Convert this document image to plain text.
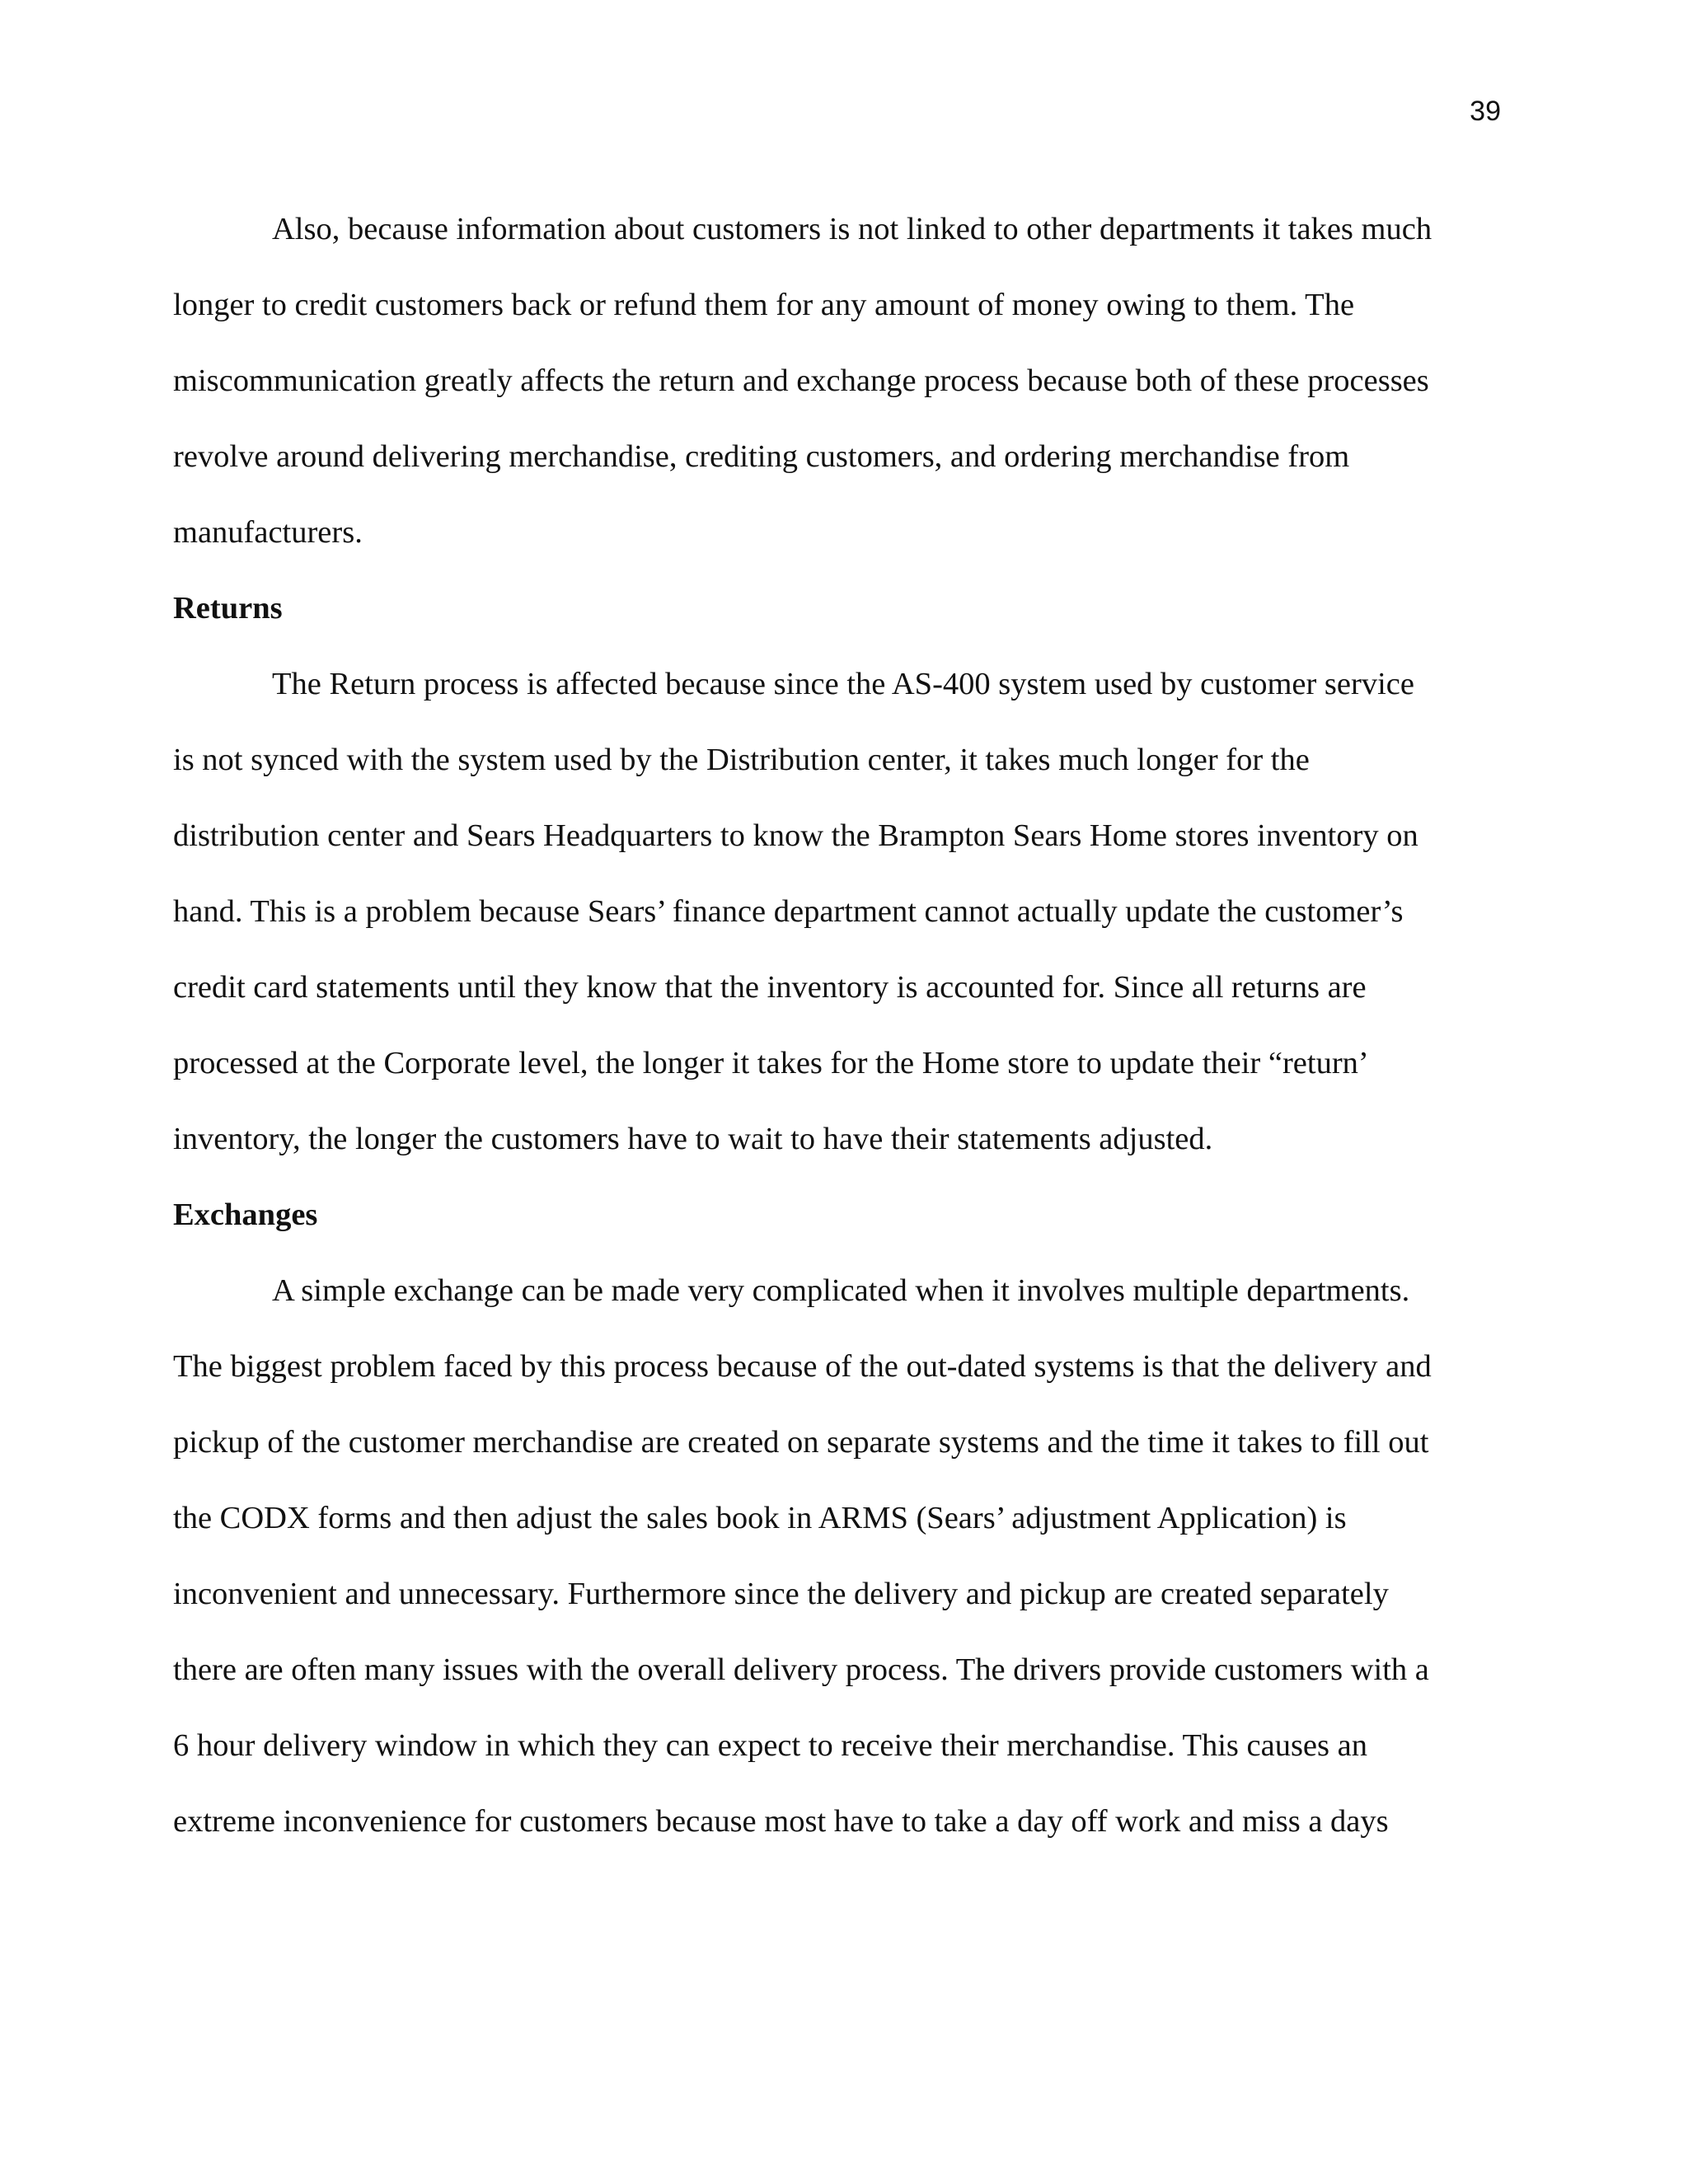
39
Also, because information about customers is not linked to other departments it takes much
longer to credit customers back or refund them for any amount of money owing to them. The
miscommunication greatly affects the return and exchange process because both of these processes
revolve around delivering merchandise, crediting customers, and ordering merchandise from
manufacturers.
Returns
The Return process is affected because since the AS-400 system used by customer service
is not synced with the system used by the Distribution center, it takes much longer for the
distribution center and Sears Headquarters to know the Brampton Sears Home stores inventory on
hand. This is a problem because Sears’ finance department cannot actually update the customer’s
credit card statements until they know that the inventory is accounted for. Since all returns are
processed at the Corporate level, the longer it takes for the Home store to update their “return’
inventory, the longer the customers have to wait to have their statements adjusted.
Exchanges
A simple exchange can be made very complicated when it involves multiple departments.
The biggest problem faced by this process because of the out-dated systems is that the delivery and
pickup of the customer merchandise are created on separate systems and the time it takes to fill out
the CODX forms and then adjust the sales book in ARMS (Sears’ adjustment Application) is
inconvenient and unnecessary. Furthermore since the delivery and pickup are created separately
there are often many issues with the overall delivery process. The drivers provide customers with a
6 hour delivery window in which they can expect to receive their merchandise. This causes an
extreme inconvenience for customers because most have to take a day off work and miss a days
